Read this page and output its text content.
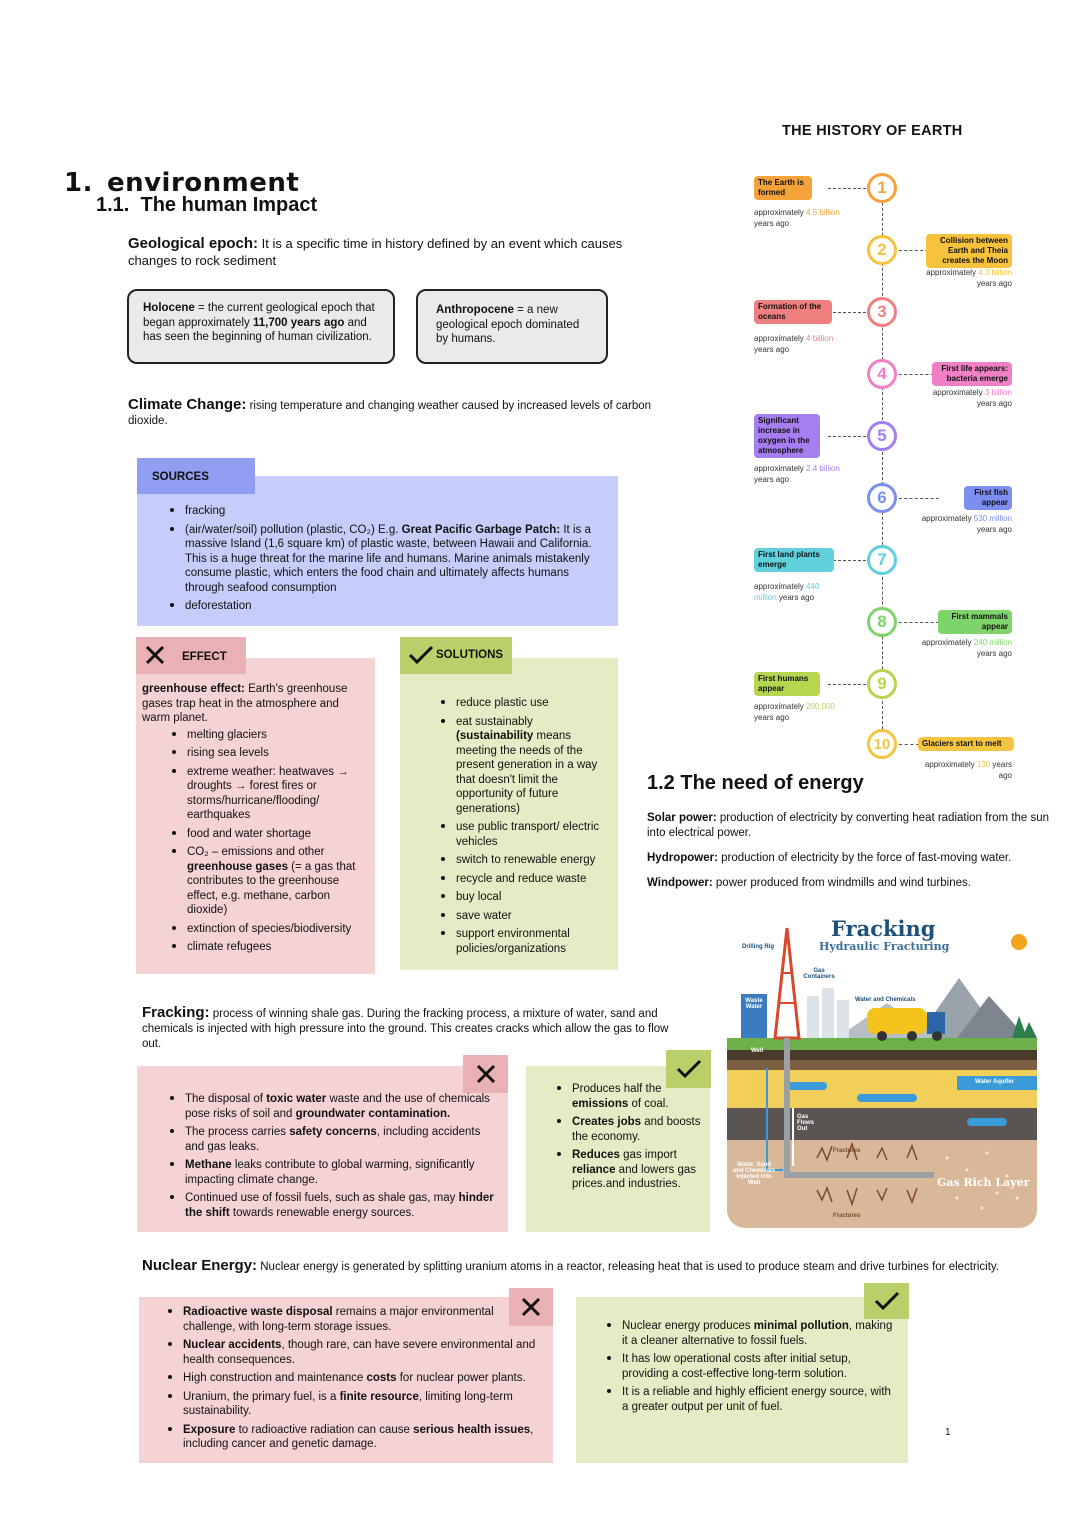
1. environment
1.1. The human Impact
Geological epoch: It is a specific time in history defined by an event which causes changes to rock sediment
Holocene = the current geological epoch that began approximately 11,700 years ago and has seen the beginning of human civilization.
Anthropocene = a new geological epoch dominated by humans.
Climate Change: rising temperature and changing weather caused by increased levels of carbon dioxide.
• fracking
• (air/water/soil) pollution (plastic, CO₂) E.g. Great Pacific Garbage Patch: It is a massive Island (1,6 square km) of plastic waste, between Hawaii and California. This is a huge threat for the marine life and humans. Marine animals mistakenly consume plastic, which enters the food chain and ultimately affects humans through seafood consumption
• deforestation
SOURCES
greenhouse effect: Earth's greenhouse gases trap heat in the atmosphere and warm planet.
• melting glaciers
• rising sea levels
• extreme weather: heatwaves → droughts → forest fires or storms/hurricane/flooding/ earthquakes
• food and water shortage
• CO₂ – emissions and other greenhouse gases (= a gas that contributes to the greenhouse effect, e.g. methane, carbon dioxide)
• extinction of species/biodiversity
• climate refugees
EFFECT
• reduce plastic use
• eat sustainably (sustainability means meeting the needs of the present generation in a way that doesn't limit the opportunity of future generations)
• use public transport/ electric vehicles
• switch to renewable energy
• recycle and reduce waste
• buy local
• save water
• support environmental policies/organizations
SOLUTIONS
Fracking: process of winning shale gas. During the fracking process, a mixture of water, sand and chemicals is injected with high pressure into the ground. This creates cracks which allow the gas to flow out.
• The disposal of toxic water waste and the use of chemicals pose risks of soil and groundwater contamination.
• The process carries safety concerns, including accidents and gas leaks.
• Methane leaks contribute to global warming, significantly impacting climate change.
• Continued use of fossil fuels, such as shale gas, may hinder the shift towards renewable energy sources.
• Produces half the emissions of coal.
• Creates jobs and boosts the economy.
• Reduces gas import reliance and lowers gas prices.and industries.
Nuclear Energy: Nuclear energy is generated by splitting uranium atoms in a reactor, releasing heat that is used to produce steam and drive turbines for electricity.
• Radioactive waste disposal remains a major environmental challenge, with long-term storage issues.
• Nuclear accidents, though rare, can have severe environmental and health consequences.
• High construction and maintenance costs for nuclear power plants.
• Uranium, the primary fuel, is a finite resource, limiting long-term sustainability.
• Exposure to radioactive radiation can cause serious health issues, including cancer and genetic damage.
• Nuclear energy produces minimal pollution, making it a cleaner alternative to fossil fuels.
• It has low operational costs after initial setup, providing a cost-effective long-term solution.
• It is a reliable and highly efficient energy source, with a greater output per unit of fuel.
THE HISTORY OF EARTH
1
The Earth is formed
approximately 4.5 billion years ago
2	Collision between Earth and Theia creates the Moon
approximately 4.3 billion years ago
3
Formation of the oceans
approximately 4 billion years ago
4	First life appears: bacteria emerge
approximately 3 billion years ago
5
Significant increase in oxygen in the atmosphere
approximately 2.4 billion years ago
6	First fish appear
approximately 530 million years ago
7
First land plants emerge
approximately 440 million years ago
8	First mammals appear
approximately 240 million years ago
9
First humans appear
approximately 200.000 years ago
10	Glaciers start to melt
approximately 130 years ago
1.2 The need of energy
Solar power: production of electricity by converting heat radiation from the sun into electrical power.
Hydropower: production of electricity by the force of fast-moving water.
Windpower: power produced from windmills and wind turbines.
Fracking
Hydraulic Fracturing
Drilling Rig
Gas Containers
Water and Chemicals
Waste Water
Well
Water Aquifer
Gas Flows Out
Fractures
Fractures
Water, Sand and Chemicals Injected into Well	Gas Rich Layer
1
